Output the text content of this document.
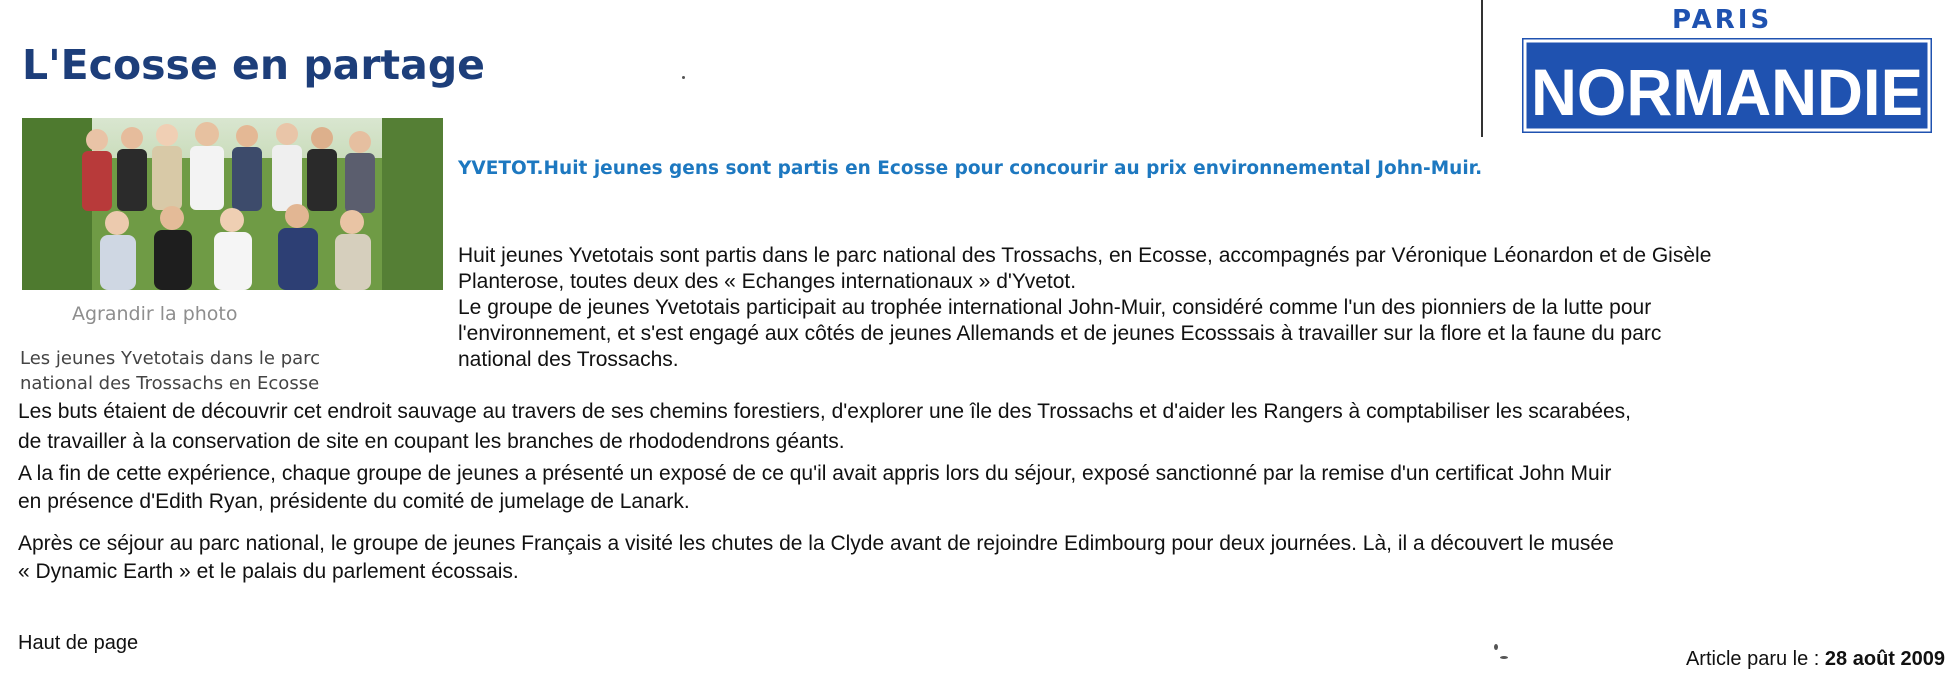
L'Ecosse en partage
PARIS
NORMANDIE
Agrandir la photo
Les jeunes Yvetotais dans le parc
national des Trossachs en Ecosse
YVETOT.Huit jeunes gens sont partis en Ecosse pour concourir au prix environnemental John-Muir.
Huit jeunes Yvetotais sont partis dans le parc national des Trossachs, en Ecosse, accompagnés par Véronique Léonardon et de Gisèle
Planterose, toutes deux des « Echanges internationaux » d'Yvetot.
Le groupe de jeunes Yvetotais participait au trophée international John-Muir, considéré comme l'un des pionniers de la lutte pour
l'environnement, et s'est engagé aux côtés de jeunes Allemands et de jeunes Ecosssais à travailler sur la flore et la faune du parc
national des Trossachs.
Les buts étaient de découvrir cet endroit sauvage au travers de ses chemins forestiers, d'explorer une île des Trossachs et d'aider les Rangers à comptabiliser les scarabées,
de travailler à la conservation de site en coupant les branches de rhododendrons géants.
A la fin de cette expérience, chaque groupe de jeunes a présenté un exposé de ce qu'il avait appris lors du séjour, exposé sanctionné par la remise d'un certificat John Muir
en présence d'Edith Ryan, présidente du comité de jumelage de Lanark.
Après ce séjour au parc national, le groupe de jeunes Français a visité les chutes de la Clyde avant de rejoindre Edimbourg pour deux journées. Là, il a découvert le musée
« Dynamic Earth » et le palais du parlement écossais.
Haut de page
Article paru le : 28 août 2009
